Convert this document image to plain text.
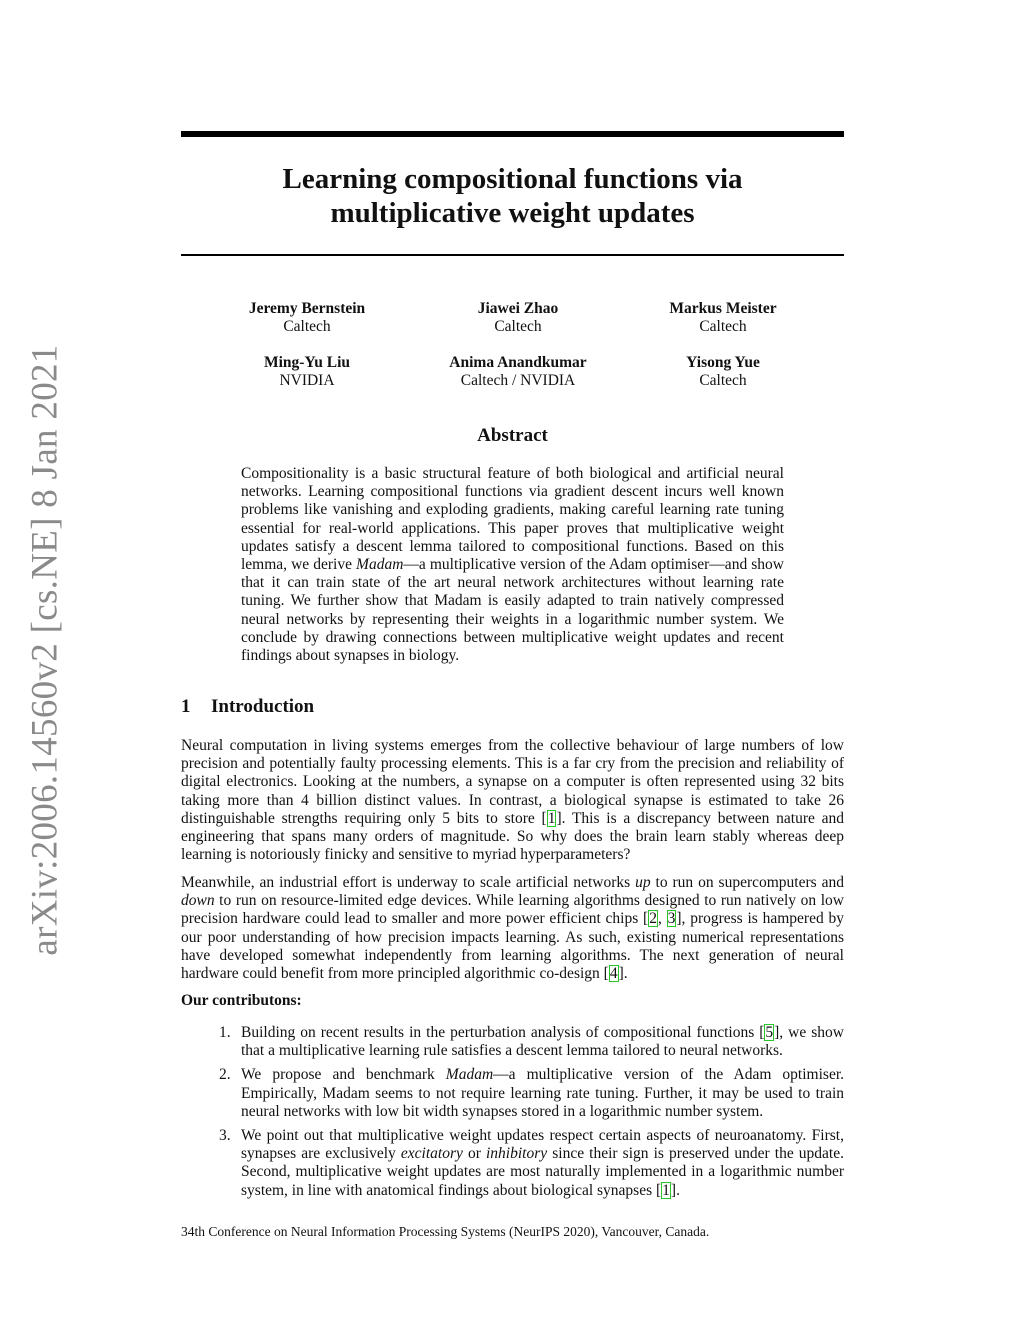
arXiv:2006.14560v2 [cs.NE] 8 Jan 2021
Learning compositional functions via
multiplicative weight updates
Jeremy Bernstein
Caltech
Jiawei Zhao
Caltech
Markus Meister
Caltech
Ming-Yu Liu
NVIDIA
Anima Anandkumar
Caltech / NVIDIA
Yisong Yue
Caltech
Abstract
Compositionality is a basic structural feature of both biological and artificial neural networks. Learning compositional functions via gradient descent incurs well known problems like vanishing and exploding gradients, making careful learning rate tuning essential for real-world applications. This paper proves that multiplicative weight updates satisfy a descent lemma tailored to compositional functions. Based on this lemma, we derive Madam—a multiplicative version of the Adam optimiser—and show that it can train state of the art neural network architectures without learning rate tuning. We further show that Madam is easily adapted to train natively compressed neural networks by representing their weights in a logarithmic number system. We conclude by drawing connections between multiplicative weight updates and recent findings about synapses in biology.
1 Introduction

Neural computation in living systems emerges from the collective behaviour of large numbers of low precision and potentially faulty processing elements. This is a far cry from the precision and reliability of digital electronics. Looking at the numbers, a synapse on a computer is often represented using 32 bits taking more than 4 billion distinct values. In contrast, a biological synapse is estimated to take 26 distinguishable strengths requiring only 5 bits to store [1]. This is a discrepancy between nature and engineering that spans many orders of magnitude. So why does the brain learn stably whereas deep learning is notoriously finicky and sensitive to myriad hyperparameters?

Meanwhile, an industrial effort is underway to scale artificial networks up to run on supercomputers and down to run on resource-limited edge devices. While learning algorithms designed to run natively on low precision hardware could lead to smaller and more power efficient chips [2, 3], progress is hampered by our poor understanding of how precision impacts learning. As such, existing numerical representations have developed somewhat independently from learning algorithms. The next generation of neural hardware could benefit from more principled algorithmic co-design [4].

Our contributons:
1. Building on recent results in the perturbation analysis of compositional functions [5], we show that a multiplicative learning rule satisfies a descent lemma tailored to neural networks.
2. We propose and benchmark Madam—a multiplicative version of the Adam optimiser. Empirically, Madam seems to not require learning rate tuning. Further, it may be used to train neural networks with low bit width synapses stored in a logarithmic number system.
3. We point out that multiplicative weight updates respect certain aspects of neuroanatomy. First, synapses are exclusively excitatory or inhibitory since their sign is preserved under the update. Second, multiplicative weight updates are most naturally implemented in a logarithmic number system, in line with anatomical findings about biological synapses [1].
34th Conference on Neural Information Processing Systems (NeurIPS 2020), Vancouver, Canada.
